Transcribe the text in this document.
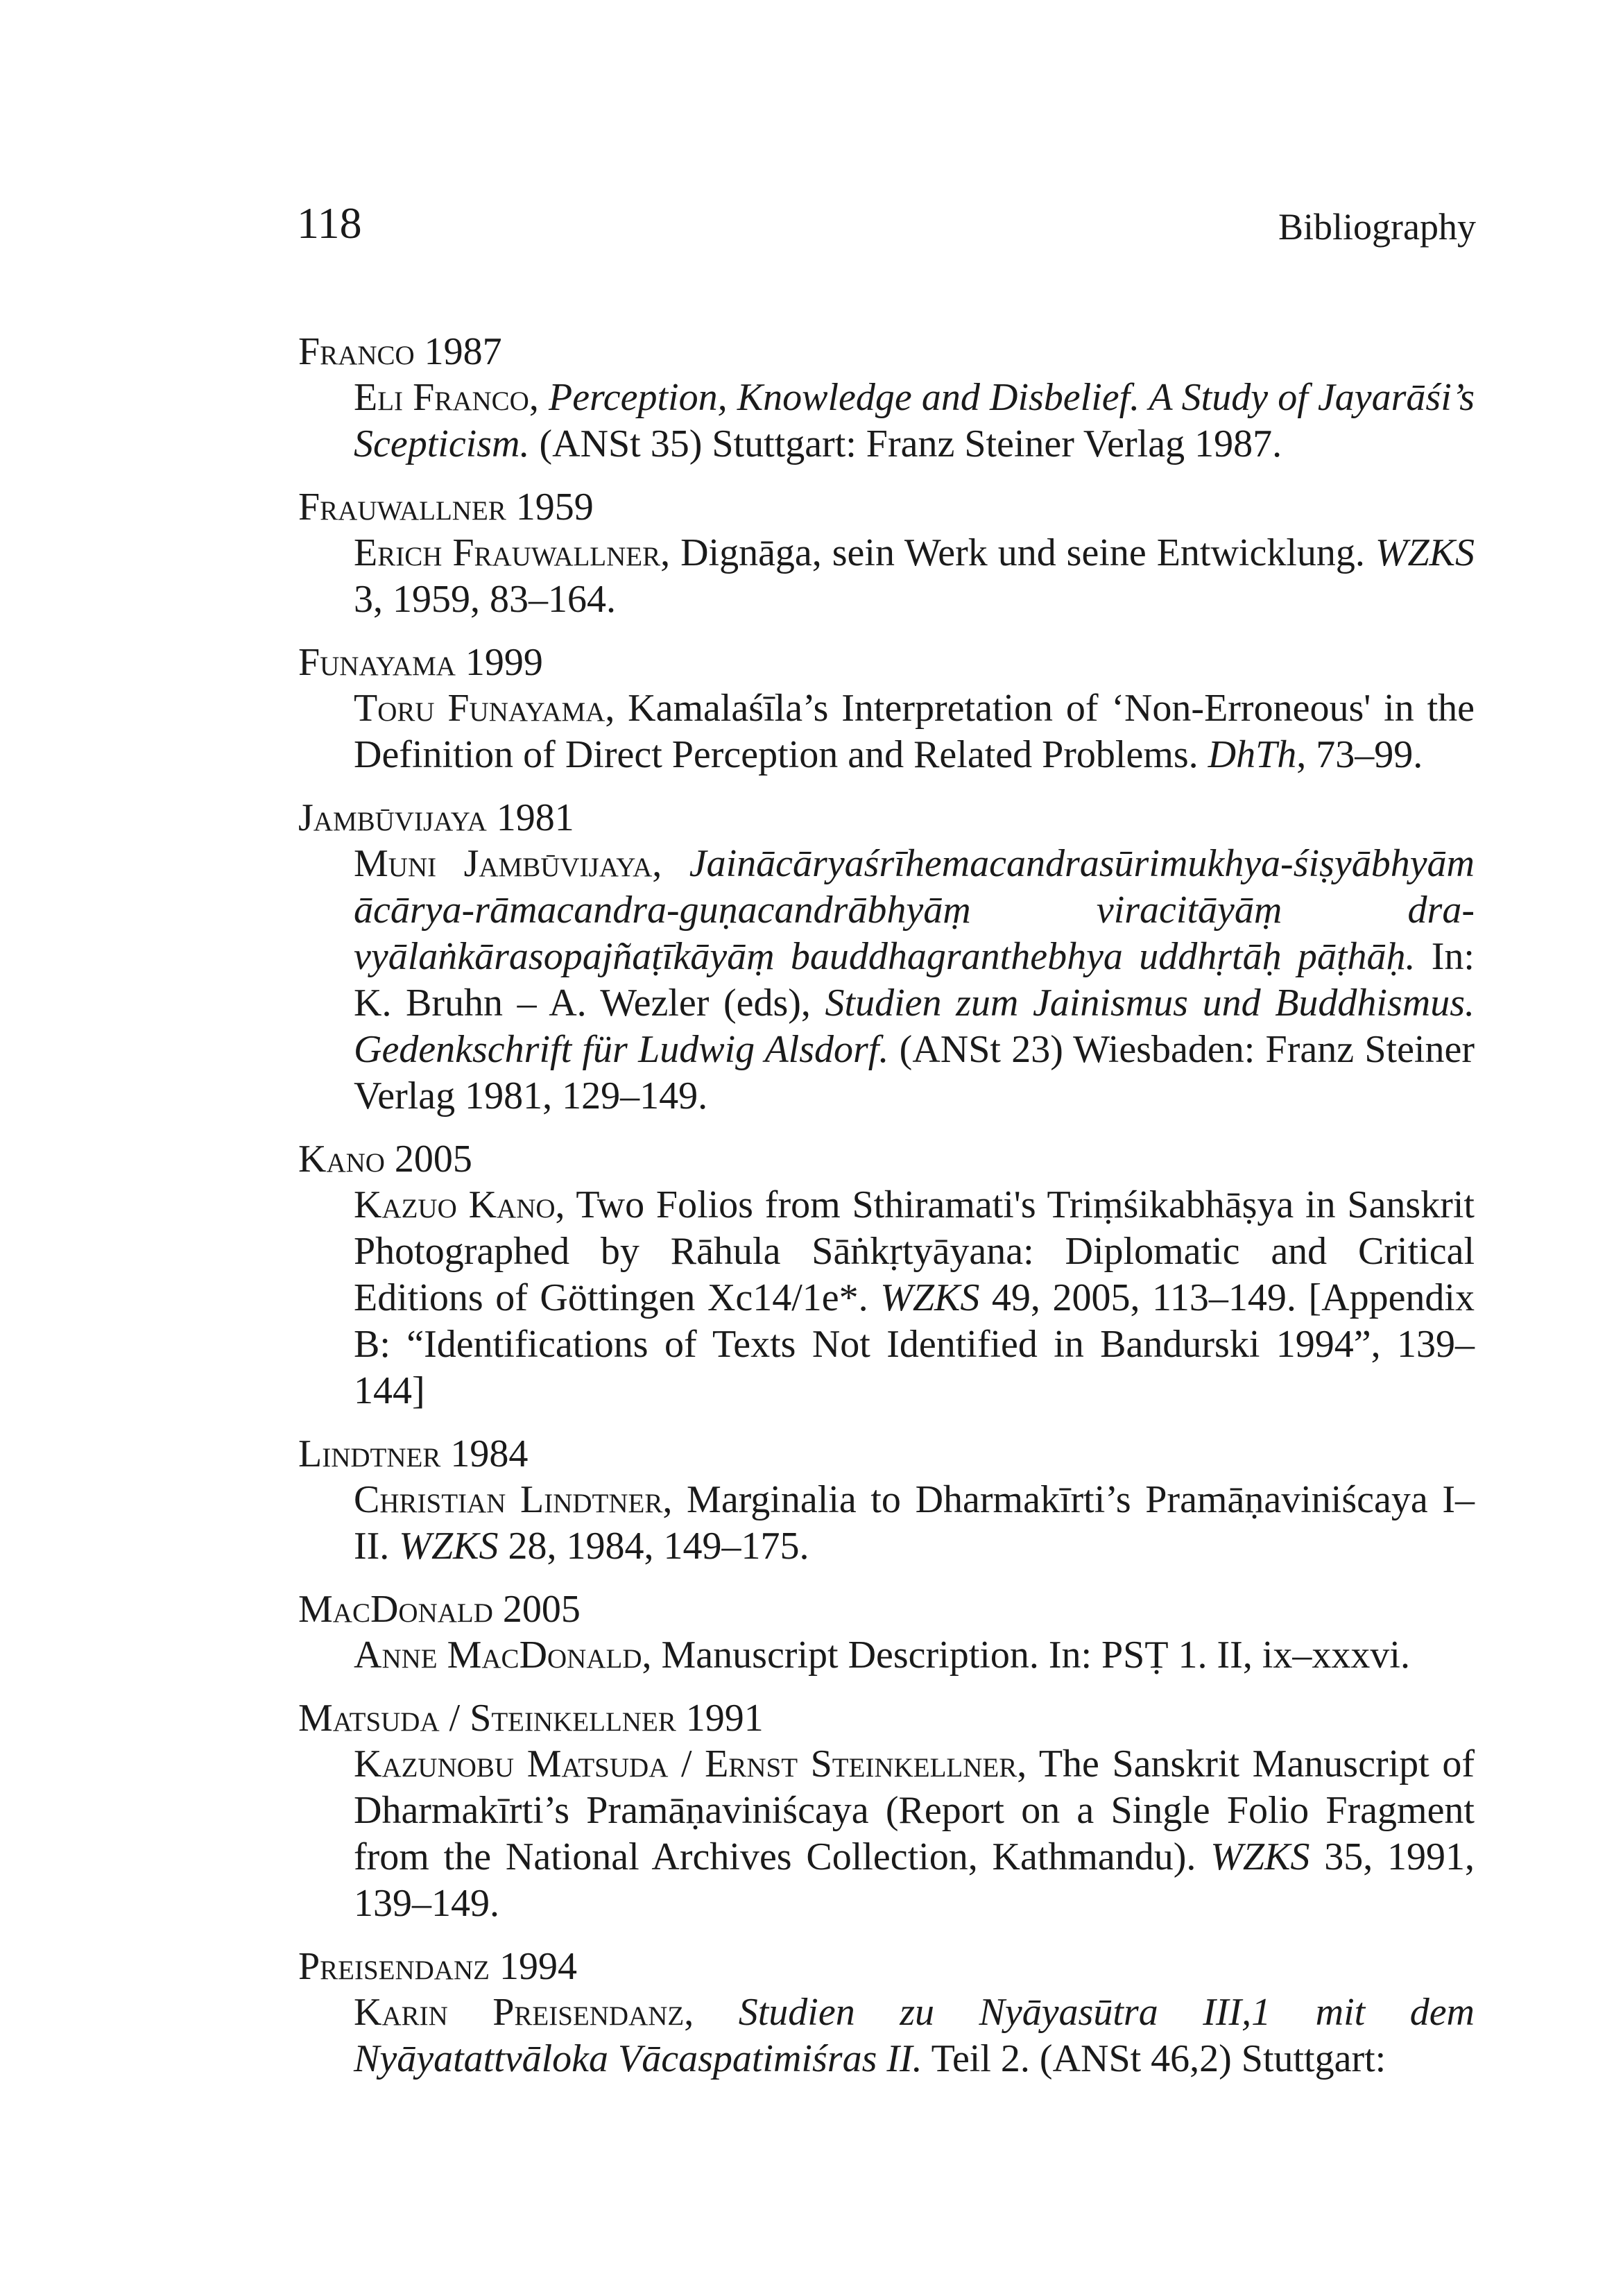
118	Bibliography
Franco 1987
Eli Franco, Perception, Knowledge and Disbelief. A Study of Jayarāśi’s Scepticism. (ANSt 35) Stuttgart: Franz Steiner Verlag 1987.
Frauwallner 1959
Erich Frauwallner, Dignāga, sein Werk und seine Entwicklung. WZKS 3, 1959, 83–164.
Funayama 1999
Toru Funayama, Kamalaśīla’s Interpretation of ‘Non-Erroneous' in the Definition of Direct Perception and Related Problems. DhTh, 73–99.
Jambūvijaya 1981
Muni Jambūvijaya, Jainācāryaśrīhemacandrasūrimukhya-śiṣyābhyām ācārya-rāmacandra-guṇacandrābhyāṃ viracitāyāṃ dravyālaṅkārasopajñaṭīkāyāṃ bauddhagranthebhya uddhṛtāḥ pāṭhāḥ. In: K. Bruhn – A. Wezler (eds), Studien zum Jainismus und Buddhismus. Gedenkschrift für Ludwig Alsdorf. (ANSt 23) Wiesbaden: Franz Steiner Verlag 1981, 129–149.
Kano 2005
Kazuo Kano, Two Folios from Sthiramati's Triṃśikabhāṣya in Sanskrit Photographed by Rāhula Sāṅkṛtyāyana: Diplomatic and Critical Editions of Göttingen Xc14/1e*. WZKS 49, 2005, 113–149. [Appendix B: “Identifications of Texts Not Identified in Bandurski 1994”, 139–144]
Lindtner 1984
Christian Lindtner, Marginalia to Dharmakīrti’s Pramāṇaviniścaya I–II. WZKS 28, 1984, 149–175.
MacDonald 2005
Anne MacDonald, Manuscript Description. In: PSṬ 1. II, ix–xxxvi.
Matsuda / Steinkellner 1991
Kazunobu Matsuda / Ernst Steinkellner, The Sanskrit Manuscript of Dharmakīrti’s Pramāṇaviniścaya (Report on a Single Folio Fragment from the National Archives Collection, Kathmandu). WZKS 35, 1991, 139–149.
Preisendanz 1994
Karin Preisendanz, Studien zu Nyāyasūtra III,1 mit dem Nyāyatattvāloka Vācaspatimiśras II. Teil 2. (ANSt 46,2) Stuttgart:
